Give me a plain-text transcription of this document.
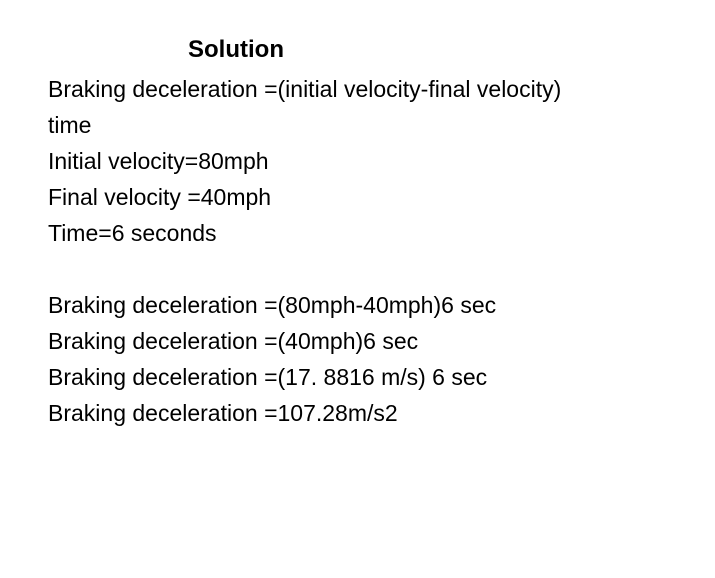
Solution

Braking deceleration =(initial velocity-final velocity)

time

Initial velocity=80mph

Final velocity =40mph

Time=6 seconds

Braking deceleration =(80mph-40mph)6 sec

Braking deceleration =(40mph)6 sec

Braking deceleration =(17. 8816 m/s) 6 sec

Braking deceleration =107.28m/s2
